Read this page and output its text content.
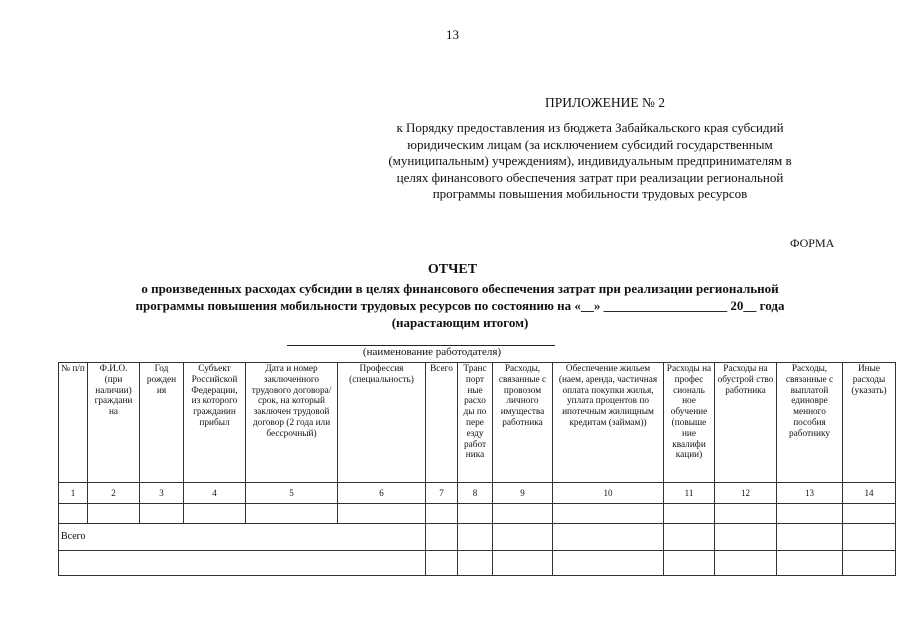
13
ПРИЛОЖЕНИЕ № 2
к Порядку предоставления из бюджета Забайкальского края субсидий
юридическим лицам (за исключением субсидий государственным
(муниципальным) учреждениям), индивидуальным предпринимателям в
целях финансового обеспечения затрат при реализации региональной
программы повышения мобильности трудовых ресурсов
ФОРМА
ОТЧЕТ
о произведенных расходах субсидии в целях финансового обеспечения затрат при реализации региональной
программы повышения мобильности трудовых ресурсов по состоянию на «__» ___________________ 20__ года
(нарастающим итогом)
(наименование работодателя)
№ п/п	Ф.И.О. (при наличии) граждани на	Год рожден ия	Субъект Российской Федерации, из которого гражданин прибыл	Дата и номер заключенного трудового договора/ срок, на который заключен трудовой договор (2 года или бессрочный)	Профессия (специальность)	Всего	Транс порт ные расхо ды по пере езду работ ника	Расходы, связанные с провозом личного имущества работника	Обеспечение жильем (наем, аренда, частичная оплата покупки жилья, уплата процентов по ипотечным жилищным кредитам (займам))	Расходы на профес сиональ ное обучение (повыше ние квалифи кации)	Расходы на обустрой ство работника	Расходы, связанные с выплатой единовре менного пособия работнику	Иные расходы (указать)
1	2	3	4	5	6	7	8	9	10	11	12	13	14

Всего													
